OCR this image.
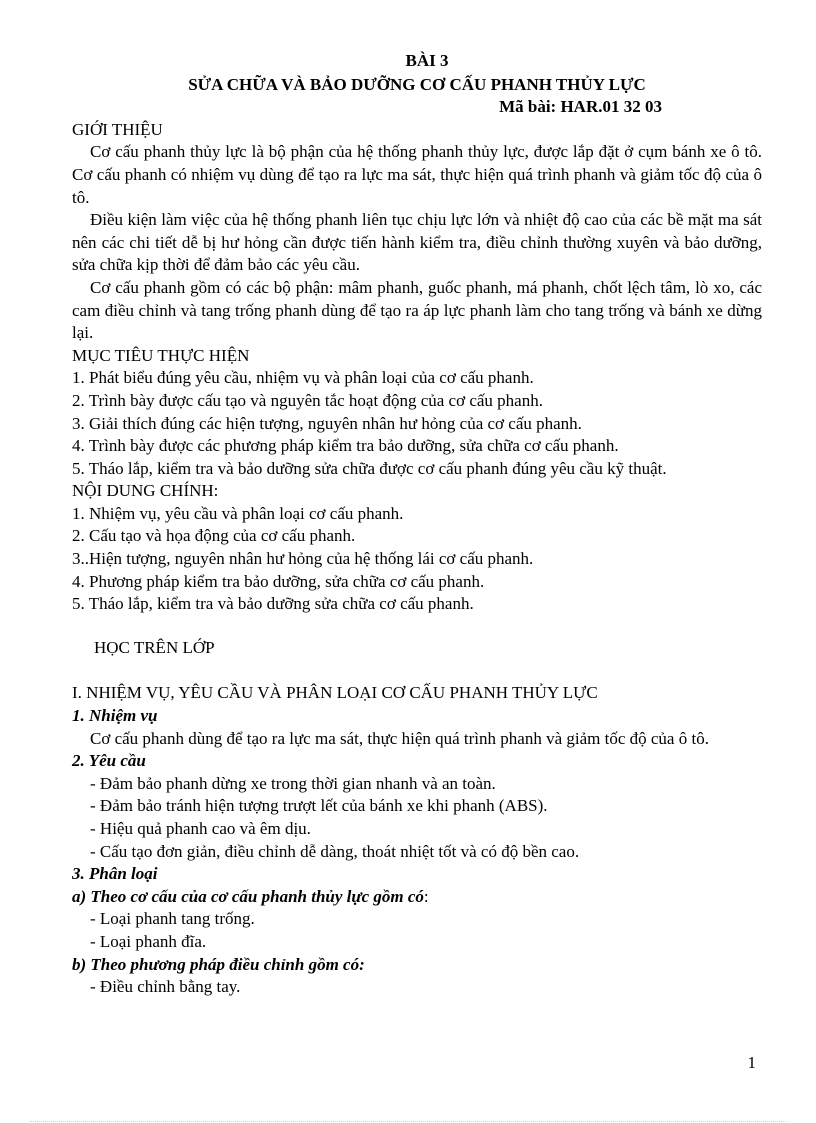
BÀI 3
SỬA CHỮA VÀ BẢO DƯỠNG CƠ CẤU PHANH THỦY LỰC
Mã bài: HAR.01 32 03
GIỚI THIỆU
Cơ cấu phanh thủy lực là bộ phận của hệ thống phanh thủy lực, được lắp đặt ở cụm bánh xe ô tô. Cơ cấu phanh có nhiệm vụ dùng để tạo ra lực ma sát, thực hiện quá trình phanh và giảm tốc độ của ô tô.
Điều kiện làm việc của hệ thống phanh liên tục chịu lực lớn và nhiệt độ cao của các bề mặt ma sát nên các chi tiết dễ bị hư hỏng cần được tiến hành kiểm tra, điều chỉnh thường xuyên và bảo dưỡng, sửa chữa kịp thời để đảm bảo các yêu cầu.
Cơ cấu phanh gồm có các bộ phận: mâm phanh, guốc phanh, má phanh, chốt lệch tâm, lò xo, các cam điều chỉnh và tang trống phanh dùng để tạo ra áp lực phanh làm cho tang trống và bánh xe dừng lại.
MỤC TIÊU THỰC HIỆN
1. Phát biểu đúng yêu cầu, nhiệm vụ và phân loại của cơ cấu phanh.
2. Trình bày được cấu tạo và nguyên tắc hoạt động của cơ cấu phanh.
3. Giải thích đúng các hiện tượng, nguyên nhân hư hỏng của cơ cấu phanh.
4. Trình bày được các phương pháp kiểm tra bảo dưỡng, sửa chữa cơ cấu phanh.
5. Tháo lắp, kiểm tra và bảo dưỡng sửa chữa được cơ cấu phanh đúng yêu cầu kỹ thuật.
NỘI DUNG CHÍNH:
1. Nhiệm vụ, yêu cầu và phân loại cơ cấu phanh.
2. Cấu tạo và họa động của cơ cấu phanh.
3..Hiện tượng, nguyên nhân hư hỏng của hệ thống lái cơ cấu phanh.
4. Phương pháp kiểm tra bảo dưỡng, sửa chữa cơ cấu phanh.
5. Tháo lắp, kiểm tra và bảo dưỡng sửa chữa cơ cấu phanh.
HỌC TRÊN LỚP
I. NHIỆM VỤ, YÊU CẦU VÀ PHÂN LOẠI CƠ CẤU PHANH THỦY LỰC
1. Nhiệm vụ
Cơ cấu phanh dùng để tạo ra lực ma sát, thực hiện quá trình phanh và giảm tốc độ của ô tô.
2. Yêu cầu
- Đảm bảo phanh dừng xe trong thời gian nhanh và an toàn.
- Đảm bảo tránh hiện tượng trượt lết của bánh xe khi phanh (ABS).
- Hiệu quả phanh cao và êm dịu.
- Cấu tạo đơn giản, điều chỉnh dễ dàng, thoát nhiệt tốt và có độ bền cao.
3. Phân loại
a) Theo cơ cấu của cơ cấu phanh thủy lực gồm có:
- Loại phanh tang trống.
- Loại phanh đĩa.
b) Theo phương pháp điều chỉnh gồm có:
- Điều chỉnh bằng tay.
1
